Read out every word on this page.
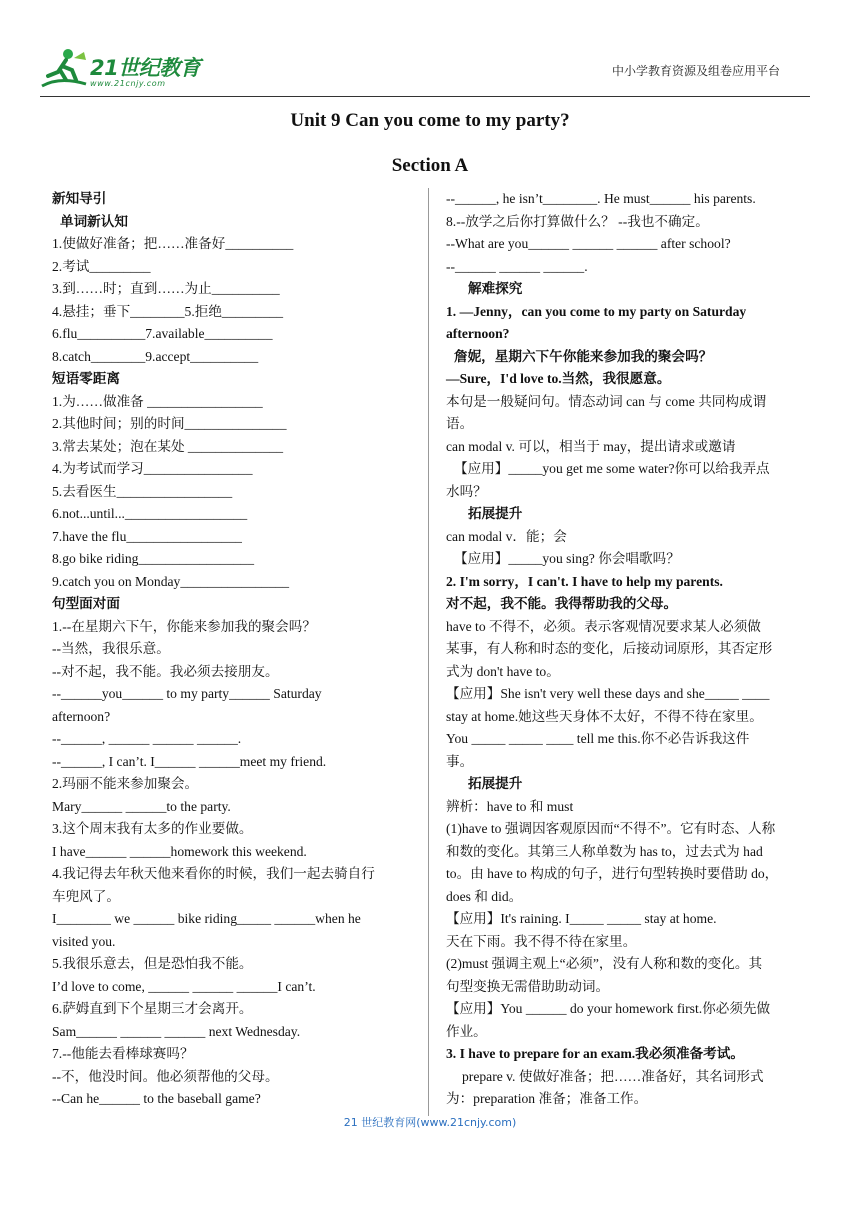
21世纪教育
www.21cnjy.com
中小学教育资源及组卷应用平台
Unit 9 Can you come to my party?
Section A
新知导引
单词新认知
1.使做好准备；把……准备好__________
2.考试_________
3.到……时；直到……为止__________
4.悬挂；垂下________5.拒绝_________
6.flu__________7.available__________
8.catch________9.accept__________
短语零距离
1.为……做准备 _________________
2.其他时间；别的时间_______________
3.常去某处；泡在某处 ______________
4.为考试而学习________________
5.去看医生_________________
6.not...until...__________________
7.have the flu_________________
8.go bike riding_________________
9.catch you on Monday________________
句型面对面
1.--在星期六下午，你能来参加我的聚会吗？
--当然，我很乐意。
--对不起，我不能。我必须去接朋友。
--______you______ to my party______ Saturday
afternoon?
--______, ______ ______ ______.
--______, I can’t. I______ ______meet my friend.
2.玛丽不能来参加聚会。
Mary______ ______to the party.
3.这个周末我有太多的作业要做。
I have______ ______homework this weekend.
4.我记得去年秋天他来看你的时候，我们一起去骑自行
车兜风了。
I________ we ______ bike riding_____ ______when he
visited you.
5.我很乐意去，但是恐怕我不能。
I’d love to come, ______ ______ ______I can’t.
6.萨姆直到下个星期三才会离开。
Sam______ ______ ______ next Wednesday.
7.--他能去看棒球赛吗？
--不，他没时间。他必须帮他的父母。
--Can he______ to the baseball game?
--______, he isn’t________. He must______ his parents.
8.--放学之后你打算做什么？ --我也不确定。
--What are you______ ______ ______ after school?
--______ ______ ______.
解难探究
1. —Jenny，can you come to my party on Saturday
afternoon?
詹妮，星期六下午你能来参加我的聚会吗？
—Sure，I'd love to.当然，我很愿意。
本句是一般疑问句。情态动词 can 与 come 共同构成谓
语。
can modal v. 可以，相当于 may，提出请求或邀请
【应用】_____you get me some water?你可以给我弄点
水吗？
拓展提升
can modal v．能；会
【应用】_____you sing? 你会唱歌吗？
2. I'm sorry，I can't. I have to help my parents.
对不起，我不能。我得帮助我的父母。
have to 不得不，必须。表示客观情况要求某人必须做
某事，有人称和时态的变化，后接动词原形，其否定形
式为 don't have to。
【应用】She isn't very well these days and she_____ ____
stay at home.她这些天身体不太好，不得不待在家里。
You _____ _____ ____ tell me this.你不必告诉我这件
事。
拓展提升
辨析：have to 和 must
(1)have to 强调因客观原因而“不得不”。它有时态、人称
和数的变化。其第三人称单数为 has to，过去式为 had
to。由 have to 构成的句子，进行句型转换时要借助 do，
does 和 did。
【应用】It's raining. I_____ _____ stay at home.
天在下雨。我不得不待在家里。
(2)must 强调主观上“必须”，没有人称和数的变化。其
句型变换无需借助助动词。
【应用】You ______ do your homework first.你必须先做
作业。
3. I have to prepare for an exam.我必须准备考试。
prepare v. 使做好准备；把……准备好，其名词形式
为：preparation 准备；准备工作。
21 世纪教育网(www.21cnjy.com)
